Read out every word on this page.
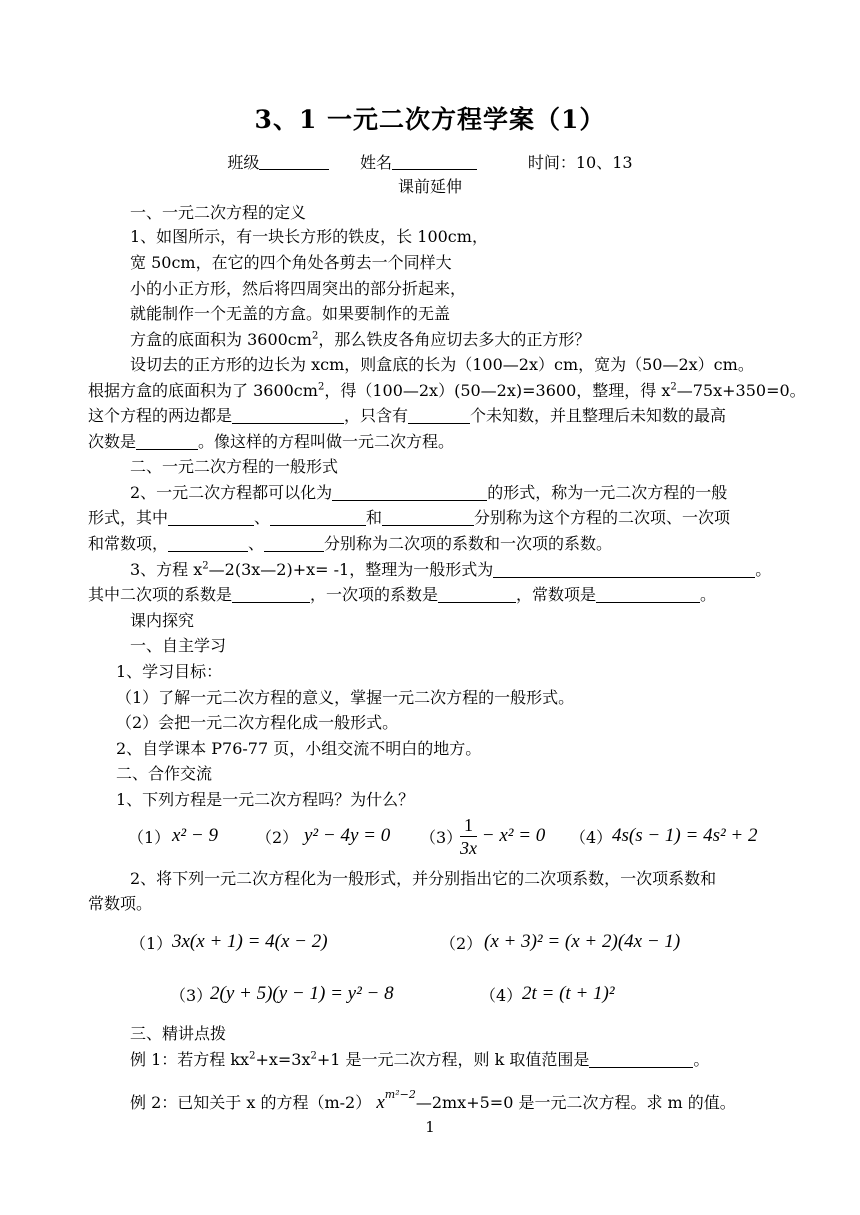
3、1 一元二次方程学案（1）
班级	姓名	时间：10、13
课前延伸
一、一元二次方程的定义
1、如图所示，有一块长方形的铁皮，长 100cm，
宽 50cm，在它的四个角处各剪去一个同样大
小的小正方形，然后将四周突出的部分折起来，
就能制作一个无盖的方盒。如果要制作的无盖
方盒的底面积为 $3600cm^2$，那么铁皮各角应切去多大的正方形？
设切去的正方形的边长为 xcm，则盒底的长为（100—2x）cm，宽为（50—2x）cm。
根据方盒的底面积为了 $3600cm^2$，得（100—2x）(50—2x)=3600，整理，得 $x^2—75x+350=0$。
这个方程的两边都是	，只含有	个未知数，并且整理后未知数的最高
次数是	。像这样的方程叫做一元二次方程。
二、一元二次方程的一般形式
2、一元二次方程都可以化为	的形式，称为一元二次方程的一般
形式，其中	、	和	分别称为这个方程的二次项、一次项
和常数项，	、	分别称为二次项的系数和一次项的系数。
3、方程 $x^2—2(3x—2)+x= -1$，整理为一般形式为	。
其中二次项的系数是	，一次项的系数是	，常数项是	。
课内探究
一、自主学习
1、学习目标：
（1）了解一元二次方程的意义，掌握一元二次方程的一般形式。
（2）会把一元二次方程化成一般形式。
2、自学课本 P76-77 页，小组交流不明白的地方。
二、合作交流
1、下列方程是一元二次方程吗？为什么？
（1） x² − 9 （2） y² − 4y = 0 （3）
$\frac{1}{3x} - x^2 = 0$ （4） 4s(s − 1) = 4s² + 2
2、将下列一元二次方程化为一般形式，并分别指出它的二次项系数，一次项系数和
常数项。
（1） 3x(x + 1) = 4(x − 2)	（2） (x + 3)² = (x + 2)(4x − 1)
（3）
2(y + 5)(y − 1) = y² − 8	（4） 2t = (t + 1)²
三、精讲点拨
例 1：若方程 $kx^2+x=3x^2+1$ 是一元二次方程，则 k 取值范围是	。
例 2：已知关于 x 的方程（m-2） $x^{m^2-2}—2mx+5=0$ 是一元二次方程。求 m 的值。
1
